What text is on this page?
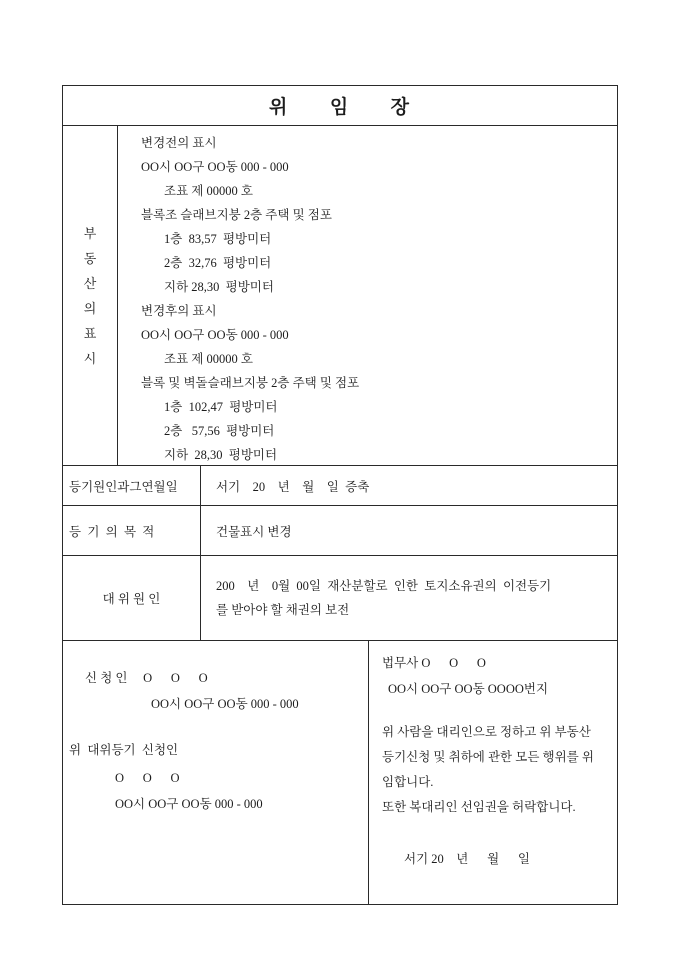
위      임      장
부
동
산
의
표
시
변경전의 표시
OO시 OO구 OO동 000 - 000
조표 제 00000 호
블록조 슬래브지붕 2층 주택 및 점포
1층  83,57  평방미터
2층  32,76  평방미터
지하 28,30  평방미터
변경후의 표시
OO시 OO구 OO동 000 - 000
조표 제 00000 호
블록 및 벽돌슬래브지붕 2층 주택 및 점포
1층  102,47  평방미터
2층   57,56  평방미터
지하  28,30  평방미터
등기원인과그연월일	서기    20    년    월    일  증축
등  기  의  목  적	건물표시 변경
대 위 원 인
200    년    0월  00일  재산분할로  인한  토지소유권의  이전등기
를 받아야 할 채권의 보전
신 청 인     O      O      O
OO시 OO구 OO동 000 - 000
위  대위등기  신청인
O      O      O
OO시 OO구 OO동 000 - 000
법무사 O      O      O
OO시 OO구 OO동 OOOO번지
위 사람을 대리인으로 정하고 위 부동산 등기신청 및 취하에 관한 모든 행위를 위임합니다.
또한 복대리인 선임권을 허락합니다.
서기 20    년      월      일
